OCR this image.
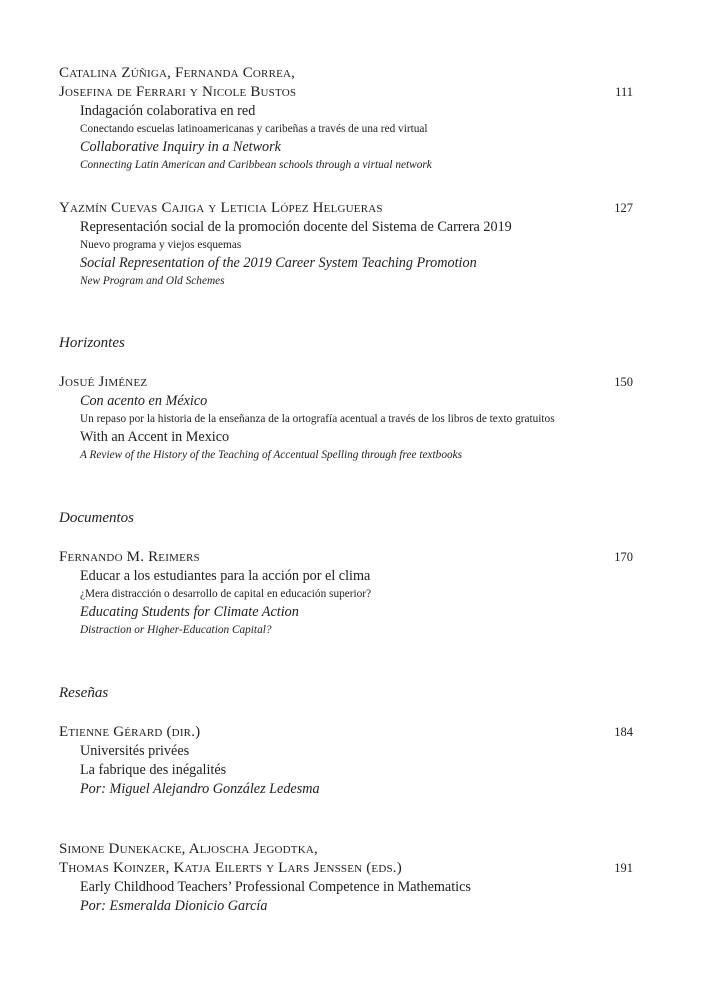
Catalina Zúñiga, Fernanda Correa,
Josefina de Ferrari y Nicole Bustos	111
Indagación colaborativa en red
Conectando escuelas latinoamericanas y caribeñas a través de una red virtual
Collaborative Inquiry in a Network
Connecting Latin American and Caribbean schools through a virtual network
Yazmín Cuevas Cajiga y Leticia López Helgueras	127
Representación social de la promoción docente del Sistema de Carrera 2019
Nuevo programa y viejos esquemas
Social Representation of the 2019 Career System Teaching Promotion
New Program and Old Schemes
Horizontes
Josué Jiménez	150
Con acento en México
Un repaso por la historia de la enseñanza de la ortografía acentual a través de los libros de texto gratuitos
With an Accent in Mexico
A Review of the History of the Teaching of Accentual Spelling through free textbooks
Documentos
Fernando M. Reimers	170
Educar a los estudiantes para la acción por el clima
¿Mera distracción o desarrollo de capital en educación superior?
Educating Students for Climate Action
Distraction or Higher-Education Capital?
Reseñas
Etienne Gérard (dir.)	184
Universités privées
La fabrique des inégalités
Por: Miguel Alejandro González Ledesma
Simone Dunekacke, Aljoscha Jegodtka,
Thomas Koinzer, Katja Eilerts y Lars Jenssen (eds.)	191
Early Childhood Teachers’ Professional Competence in Mathematics
Por: Esmeralda Dionicio García
